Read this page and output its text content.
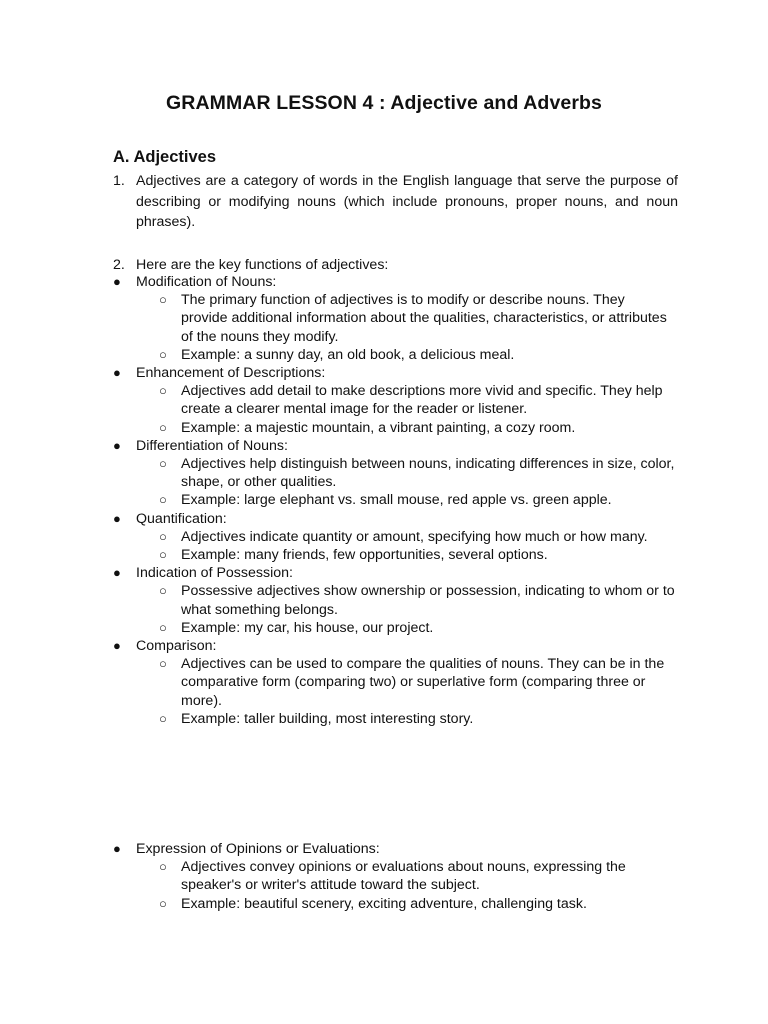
GRAMMAR LESSON 4 : Adjective and Adverbs
A. Adjectives
1. Adjectives are a category of words in the English language that serve the purpose of describing or modifying nouns (which include pronouns, proper nouns, and noun phrases).
2. Here are the key functions of adjectives:
● Modification of Nouns:
○ The primary function of adjectives is to modify or describe nouns. They provide additional information about the qualities, characteristics, or attributes of the nouns they modify.
○ Example: a sunny day, an old book, a delicious meal.
● Enhancement of Descriptions:
○ Adjectives add detail to make descriptions more vivid and specific. They help create a clearer mental image for the reader or listener.
○ Example: a majestic mountain, a vibrant painting, a cozy room.
● Differentiation of Nouns:
○ Adjectives help distinguish between nouns, indicating differences in size, color, shape, or other qualities.
○ Example: large elephant vs. small mouse, red apple vs. green apple.
● Quantification:
○ Adjectives indicate quantity or amount, specifying how much or how many.
○ Example: many friends, few opportunities, several options.
● Indication of Possession:
○ Possessive adjectives show ownership or possession, indicating to whom or to what something belongs.
○ Example: my car, his house, our project.
● Comparison:
○ Adjectives can be used to compare the qualities of nouns. They can be in the comparative form (comparing two) or superlative form (comparing three or more).
○ Example: taller building, most interesting story.
● Expression of Opinions or Evaluations:
○ Adjectives convey opinions or evaluations about nouns, expressing the speaker's or writer's attitude toward the subject.
○ Example: beautiful scenery, exciting adventure, challenging task.
